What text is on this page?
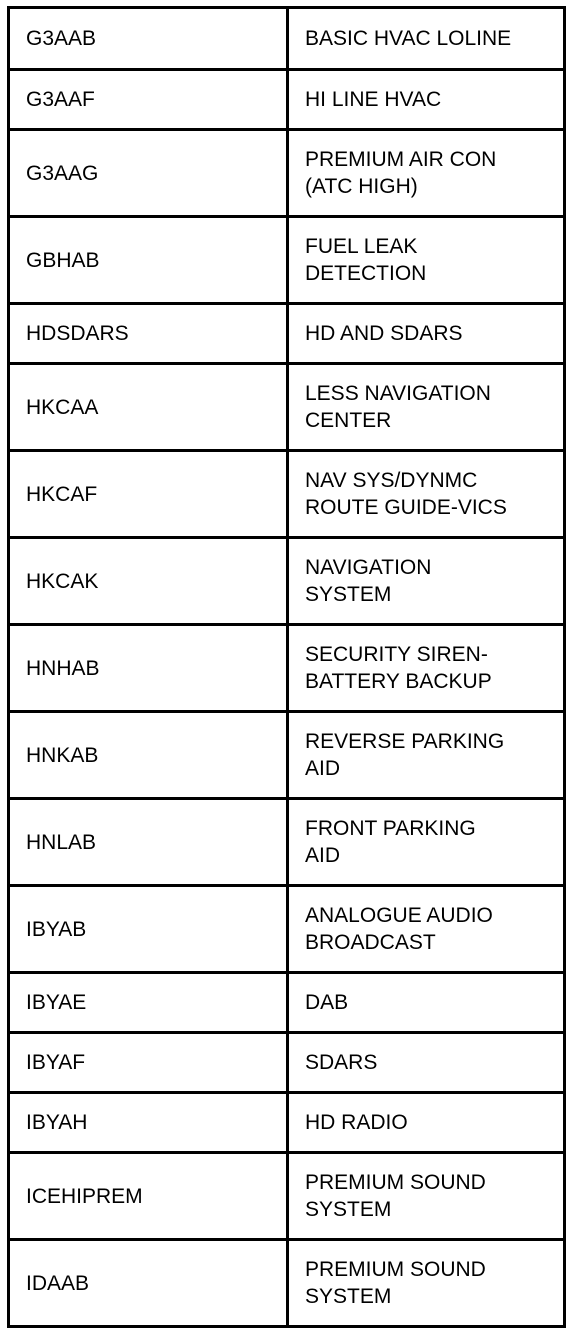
G3AAB	BASIC HVAC LOLINE
G3AAF	HI LINE HVAC
G3AAG	PREMIUM AIR CON
(ATC HIGH)
GBHAB	FUEL LEAK
DETECTION
HDSDARS	HD AND SDARS
HKCAA	LESS NAVIGATION
CENTER
HKCAF	NAV SYS/DYNMC
ROUTE GUIDE-VICS
HKCAK	NAVIGATION
SYSTEM
HNHAB	SECURITY SIREN-
BATTERY BACKUP
HNKAB	REVERSE PARKING
AID
HNLAB	FRONT PARKING
AID
IBYAB	ANALOGUE AUDIO
BROADCAST
IBYAE	DAB
IBYAF	SDARS
IBYAH	HD RADIO
ICEHIPREM	PREMIUM SOUND
SYSTEM
IDAAB	PREMIUM SOUND
SYSTEM
